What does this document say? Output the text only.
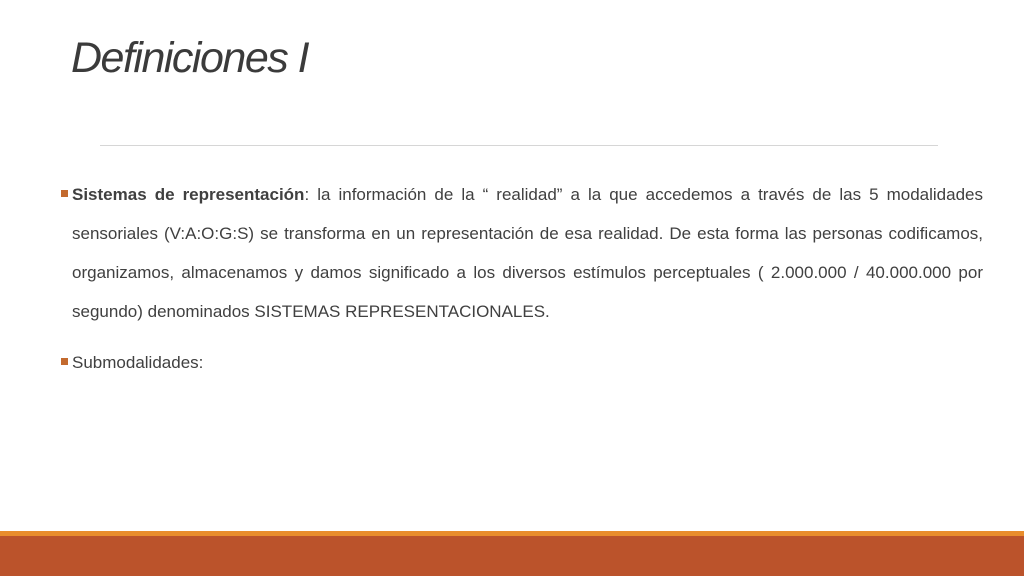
Definiciones I

Sistemas de representación: la información de la “ realidad” a la que accedemos a través de las 5 modalidades sensoriales (V:A:O:G:S) se transforma en un representación de esa realidad. De esta forma las personas codificamos, organizamos, almacenamos y damos significado a los diversos estímulos perceptuales ( 2.000.000 / 40.000.000 por segundo) denominados SISTEMAS REPRESENTACIONALES.

Submodalidades:
